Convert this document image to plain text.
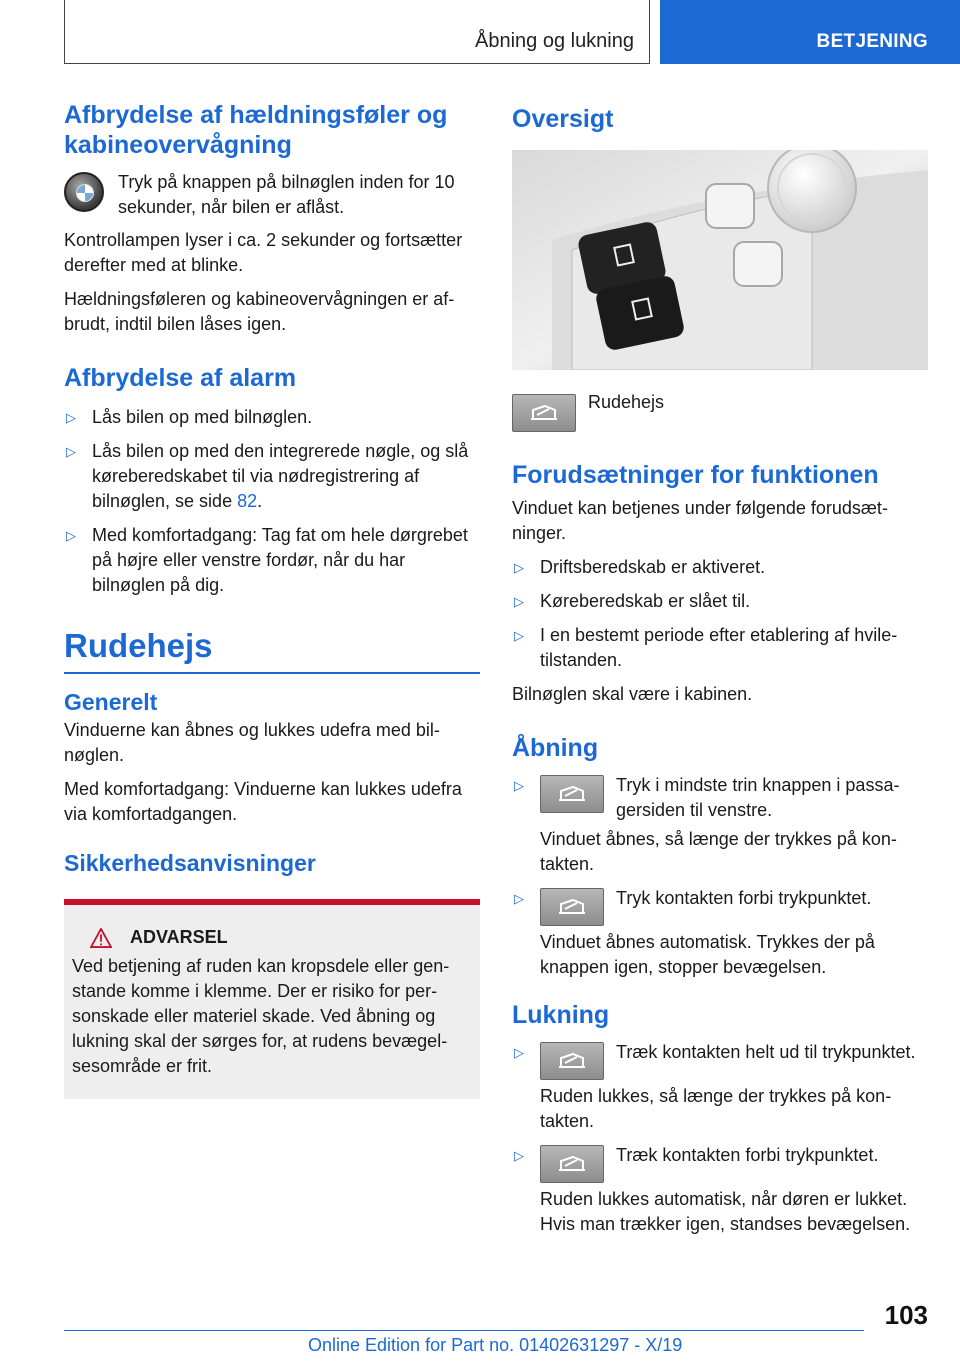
Åbning og lukning	BETJENING
Afbrydelse af hældningsføler og kabineovervågning

Tryk på knappen på bilnøglen inden for 10 sekunder, når bilen er aflåst.

Kontrollampen lyser i ca. 2 sekunder og fortsætter derefter med at blinke.

Hældningsføleren og kabineovervågningen er afbrudt, indtil bilen låses igen.

Afbrydelse af alarm
▷ Lås bilen op med bilnøglen.
▷ Lås bilen op med den integrerede nøgle, og slå køreberedskabet til via nødregistrering af bilnøglen, se side 82.
▷ Med komfortadgang: Tag fat om hele dørgrebet på højre eller venstre fordør, når du har bilnøglen på dig.
Rudehejs
Generelt

Vinduerne kan åbnes og lukkes udefra med bilnøglen.

Med komfortadgang: Vinduerne kan lukkes udefra via komfortadgangen.

Sikkerhedsanvisninger
ADVARSEL

Ved betjening af ruden kan kropsdele eller genstande komme i klemme. Der er risiko for personskade eller materiel skade. Ved åbning og lukning skal der sørges for, at rudens bevægelsesområde er frit.

Oversigt

Rudehejs

Forudsætninger for funktionen

Vinduet kan betjenes under følgende forudsætninger.

▷ Driftsberedskab er aktiveret.
▷ Køreberedskab er slået til.
▷ I en bestemt periode efter etablering af hviletilstanden.

Bilnøglen skal være i kabinen.

Åbning
▷	Tryk i mindste trin knappen i passagersiden til venstre.
Vinduet åbnes, så længe der trykkes på kontakten.
▷	Tryk kontakten forbi trykpunktet.
Vinduet åbnes automatisk. Trykkes der på knappen igen, stopper bevægelsen.
Lukning
▷	Træk kontakten helt ud til trykpunktet.
Ruden lukkes, så længe der trykkes på kontakten.
▷	Træk kontakten forbi trykpunktet.
Ruden lukkes automatisk, når døren er lukket. Hvis man trækker igen, standses bevægelsen.
103
Online Edition for Part no. 01402631297 - X/19
